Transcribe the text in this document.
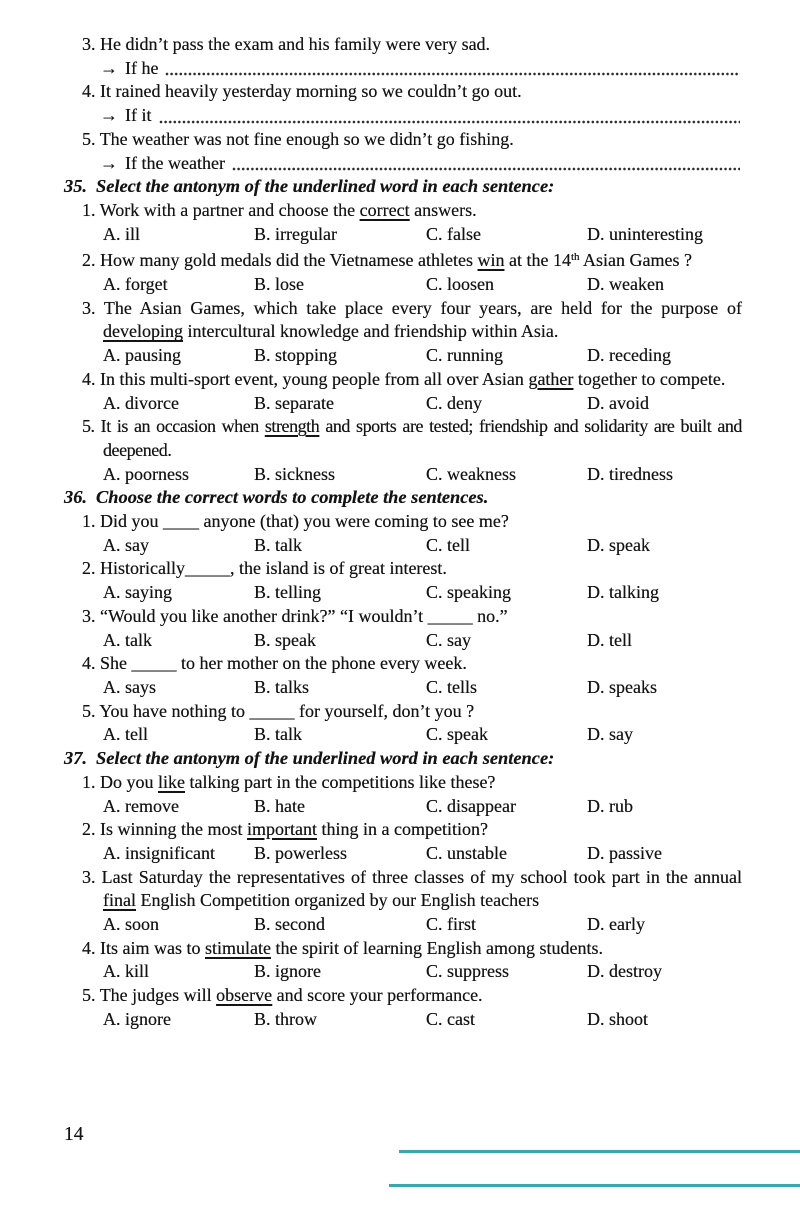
3. He didn’t pass the exam and his family were very sad.

→ If he

4. It rained heavily yesterday morning so we couldn’t go out.

→ If it

5. The weather was not fine enough so we didn’t go fishing.

→ If the weather

35. Select the antonym of the underlined word in each sentence:

1. Work with a partner and choose the correct answers.

A. ill	B. irregular	C. false	D. uninteresting

2. How many gold medals did the Vietnamese athletes win at the 14th Asian Games ?

A. forget	B. lose	C. loosen	D. weaken

3. The Asian Games, which take place every four years, are held for the purpose of developing intercultural knowledge and friendship within Asia.

A. pausing	B. stopping	C. running	D. receding

4. In this multi-sport event, young people from all over Asian gather together to compete.

A. divorce	B. separate	C. deny	D. avoid

5. It is an occasion when strength and sports are tested; friendship and solidarity are built and deepened.

A. poorness	B. sickness	C. weakness	D. tiredness

36. Choose the correct words to complete the sentences.

1. Did you ____ anyone (that) you were coming to see me?

A. say	B. talk	C. tell	D. speak

2. Historically_____, the island is of great interest.

A. saying	B. telling	C. speaking	D. talking

3. “Would you like another drink?” “I wouldn’t _____ no.”

A. talk	B. speak	C. say	D. tell

4. She _____ to her mother on the phone every week.

A. says	B. talks	C. tells	D. speaks

5. You have nothing to _____ for yourself, don’t you ?

A. tell	B. talk	C. speak	D. say

37. Select the antonym of the underlined word in each sentence:

1. Do you like talking part in the competitions like these?

A. remove	B. hate	C. disappear	D. rub

2. Is winning the most important thing in a competition?

A. insignificant	B. powerless	C. unstable	D. passive

3. Last Saturday the representatives of three classes of my school took part in the annual final English Competition organized by our English teachers

A. soon	B. second	C. first	D. early

4. Its aim was to stimulate the spirit of learning English among students.

A. kill	B. ignore	C. suppress	D. destroy

5. The judges will observe and score your performance.

A. ignore	B. throw	C. cast	D. shoot
14
